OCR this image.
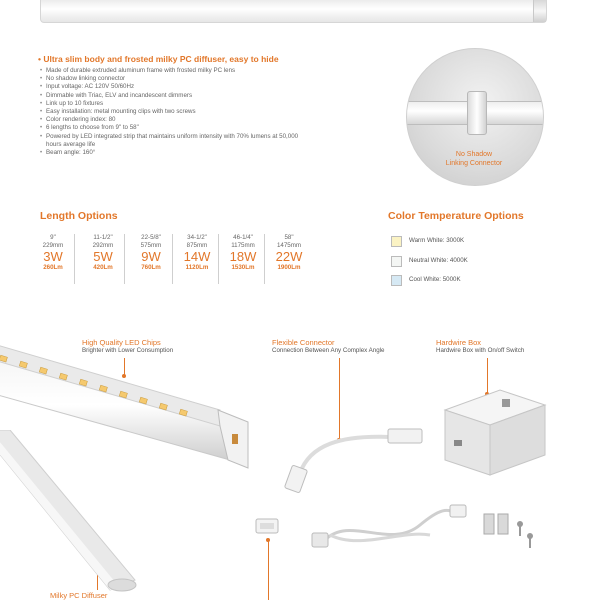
• Ultra slim body and frosted milky PC diffuser, easy to hide
• Made of durable extruded aluminum frame with frosted milky PC lens
• No shadow linking connector
• Input voltage: AC 120V 50/60Hz
• Dimmable with Triac, ELV and incandescent dimmers
• Link up to 10 fixtures
• Easy installation: metal mounting clips with two screws
• Color rendering index: 80
• 6 lengths to choose from 9" to 58"
• Powered by LED integrated strip that maintains uniform intensity with 70% lumens at 50,000 hours average life
• Beam angle: 160°	No Shadow
Linking Connector
Length Options
9"
229mm
3W
260Lm
11-1/2"
292mm
5W
420Lm
22-5/8"
575mm
9W
760Lm
34-1/2"
875mm
14W
1120Lm
46-1/4"
1175mm
18W
1530Lm
58"
1475mm
22W
1900Lm
Color Temperature Options
Warm White: 3000K
Neutral White: 4000K
Cool White: 5000K
High Quality LED Chips
Brighter with Lower Consumption
Flexible Connector
Connection Between Any Complex Angle
Hardwire Box
Hardwire Box with On/off Switch
Milky PC Diffuser
